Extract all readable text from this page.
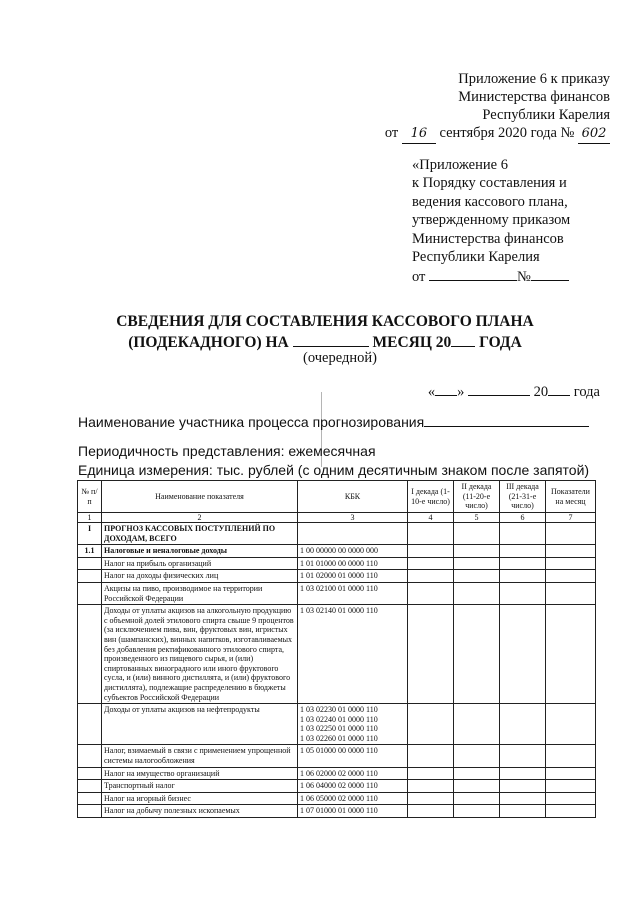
Приложение 6 к приказу
Министерства финансов
Республики Карелия
от 16 сентября 2020 года № 602
«Приложение 6
к Порядку составления и
ведения кассового плана,
утвержденному приказом
Министерства финансов
Республики Карелия
от	№
СВЕДЕНИЯ ДЛЯ СОСТАВЛЕНИЯ КАССОВОГО ПЛАНА
(ПОДЕКАДНОГО) НА	МЕСЯЦ 20 ГОДА
(очередной)
« »	20 года
Наименование участника процесса прогнозирования
Периодичность представления: ежемесячная
Единица измерения: тыс. рублей (с одним десятичным знаком после запятой)
№ п/п	Наименование показателя	КБК	I декада (1-10-е число)	II декада (11-20-е число)	III декада (21-31-е число)	Показатели на месяц
1	2	3	4	5	6	7
I	ПРОГНОЗ КАССОВЫХ ПОСТУПЛЕНИЙ ПО ДОХОДАМ, ВСЕГО					
1.1	Налоговые и неналоговые доходы	1 00 00000 00 0000 000				
	Налог на прибыль организаций	1 01 01000 00 0000 110				
	Налог на доходы физических лиц	1 01 02000 01 0000 110				
	Акцизы на пиво, производимое на территории Российской Федерации	1 03 02100 01 0000 110				
	Доходы от уплаты акцизов на алкогольную продукцию с объемной долей этилового спирта свыше 9 процентов (за исключением пива, вин, фруктовых вин, игристых вин (шампанских), винных напитков, изготавливаемых без добавления ректификованного этилового спирта, произведенного из пищевого сырья, и (или) спиртованных виноградного или иного фруктового сусла, и (или) винного дистиллята, и (или) фруктового дистиллята), подлежащие распределению в бюджеты субъектов Российской Федерации	1 03 02140 01 0000 110				
	Доходы от уплаты акцизов на нефтепродукты	1 03 02230 01 0000 110
1 03 02240 01 0000 110
1 03 02250 01 0000 110
1 03 02260 01 0000 110				
	Налог, взимаемый в связи с применением упрощенной системы налогообложения	1 05 01000 00 0000 110				
	Налог на имущество организаций	1 06 02000 02 0000 110				
	Транспортный налог	1 06 04000 02 0000 110				
	Налог на игорный бизнес	1 06 05000 02 0000 110				
	Налог на добычу полезных ископаемых	1 07 01000 01 0000 110				
